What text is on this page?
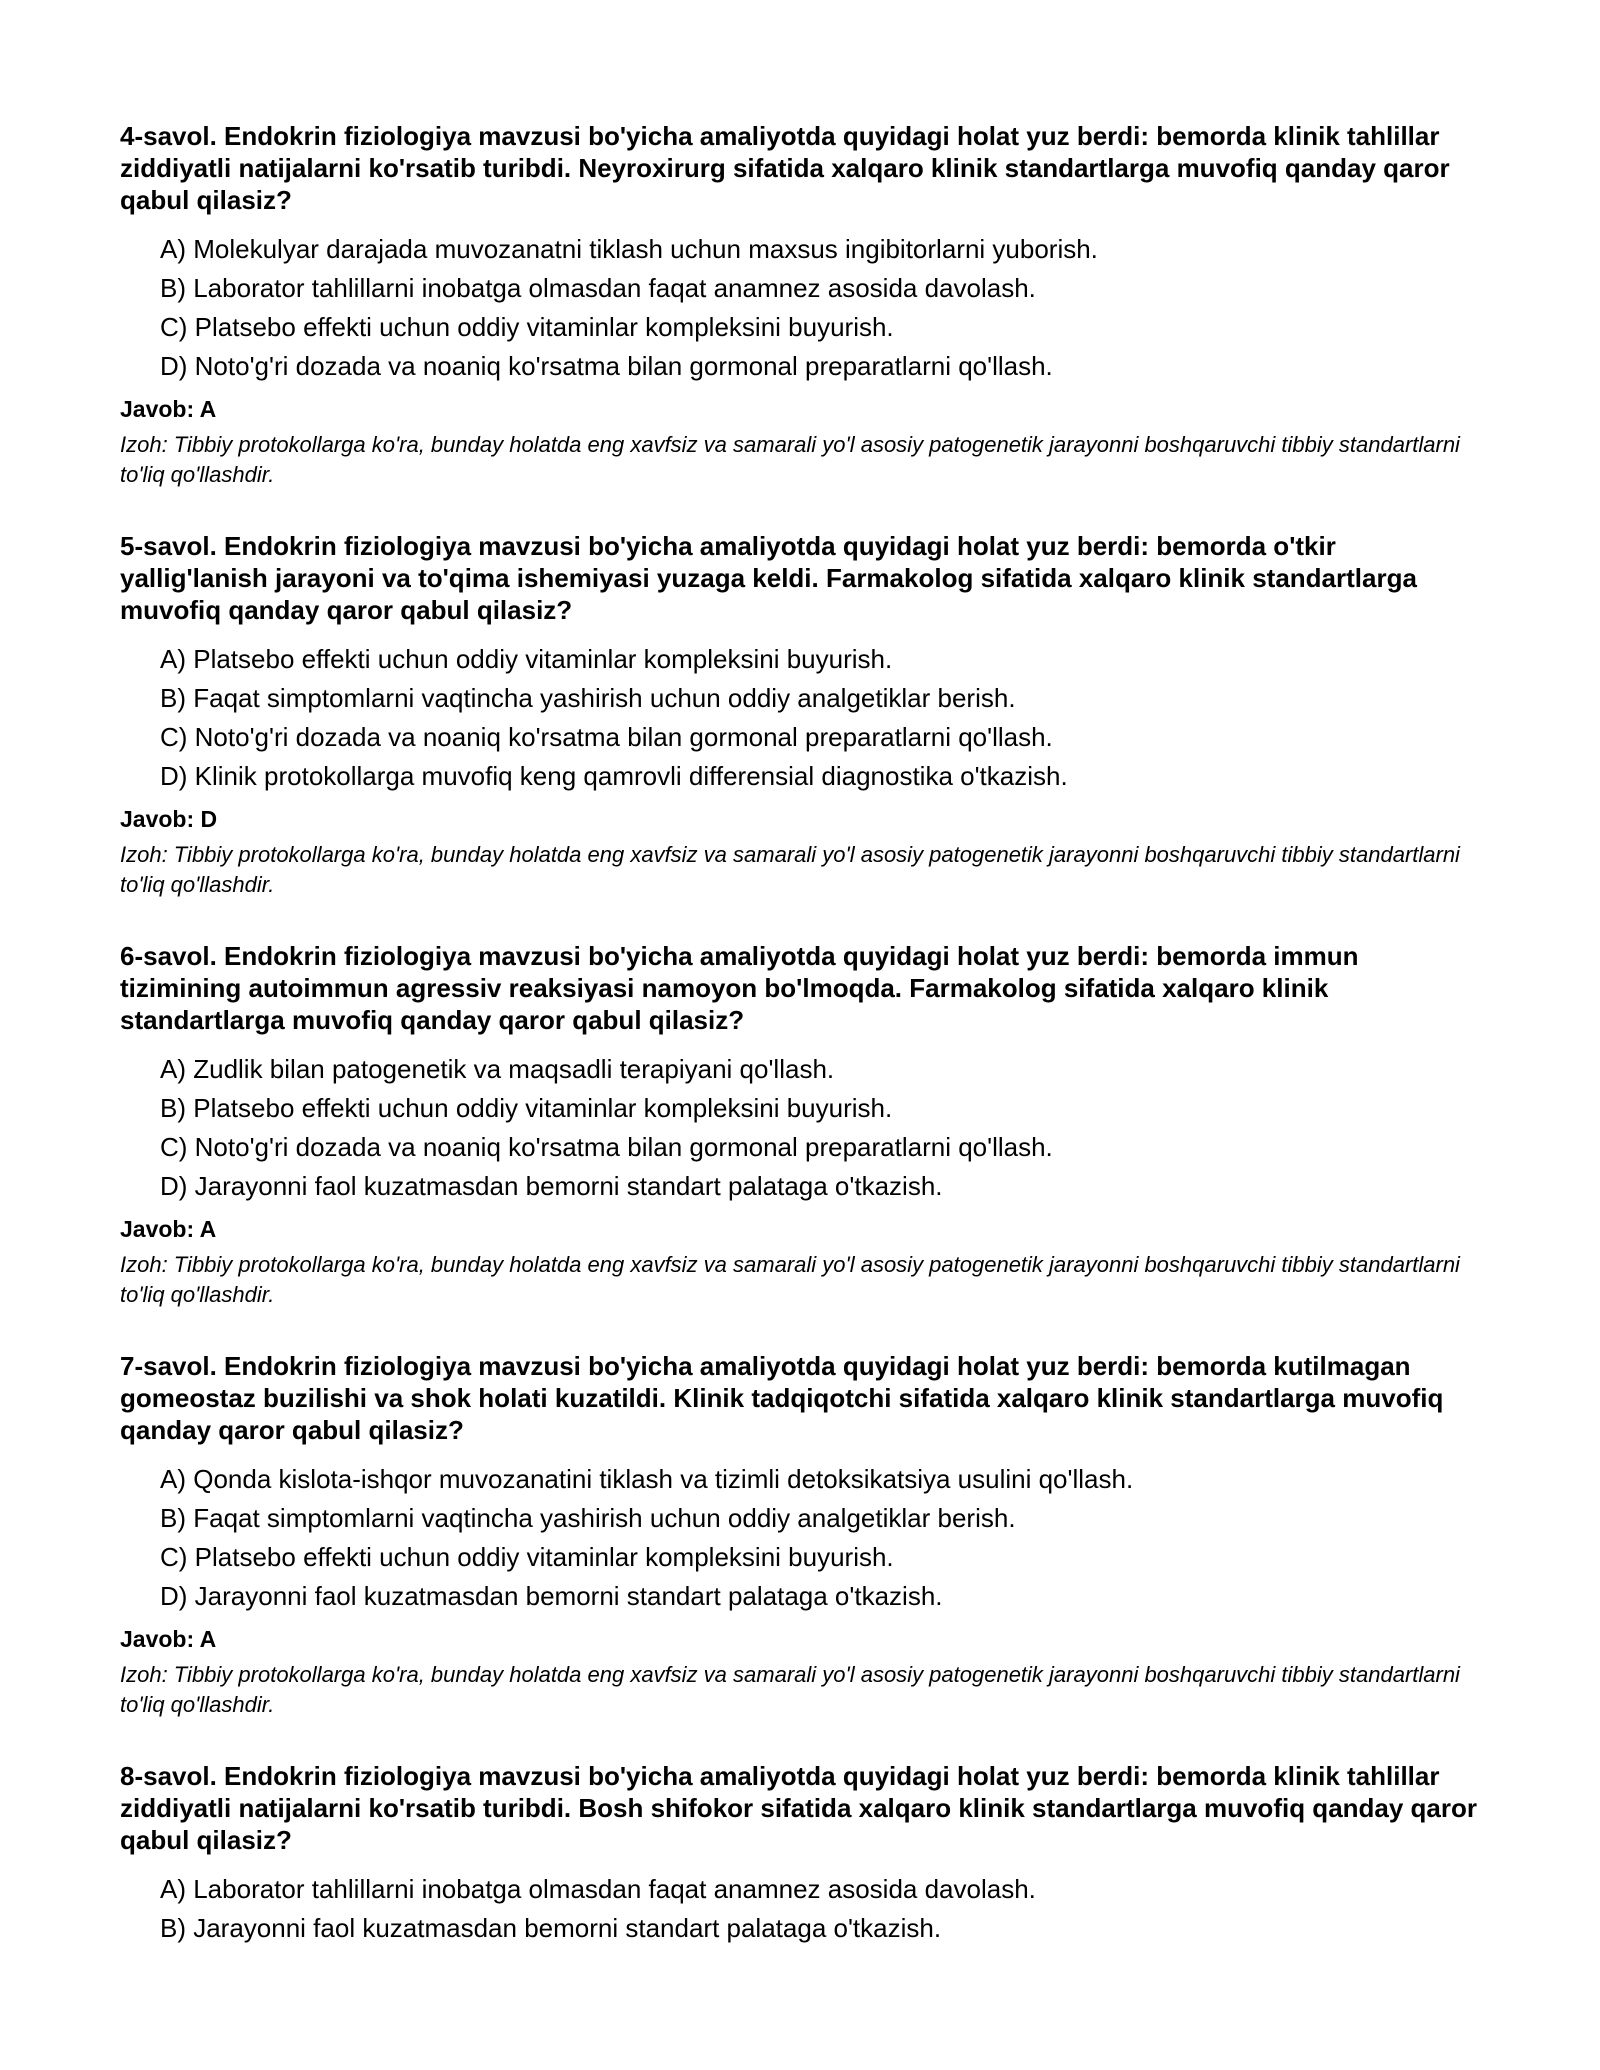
4-savol. Endokrin fiziologiya mavzusi bo'yicha amaliyotda quyidagi holat yuz berdi: bemorda klinik tahlillar ziddiyatli natijalarni ko'rsatib turibdi. Neyroxirurg sifatida xalqaro klinik standartlarga muvofiq qanday qaror qabul qilasiz?

A) Molekulyar darajada muvozanatni tiklash uchun maxsus ingibitorlarni yuborish.
B) Laborator tahlillarni inobatga olmasdan faqat anamnez asosida davolash.
C) Platsebo effekti uchun oddiy vitaminlar kompleksini buyurish.
D) Noto'g'ri dozada va noaniq ko'rsatma bilan gormonal preparatlarni qo'llash.

Javob: A

Izoh: Tibbiy protokollarga ko'ra, bunday holatda eng xavfsiz va samarali yo'l asosiy patogenetik jarayonni boshqaruvchi tibbiy standartlarni to'liq qo'llashdir.

5-savol. Endokrin fiziologiya mavzusi bo'yicha amaliyotda quyidagi holat yuz berdi: bemorda o'tkir yallig'lanish jarayoni va to'qima ishemiyasi yuzaga keldi. Farmakolog sifatida xalqaro klinik standartlarga muvofiq qanday qaror qabul qilasiz?

A) Platsebo effekti uchun oddiy vitaminlar kompleksini buyurish.
B) Faqat simptomlarni vaqtincha yashirish uchun oddiy analgetiklar berish.
C) Noto'g'ri dozada va noaniq ko'rsatma bilan gormonal preparatlarni qo'llash.
D) Klinik protokollarga muvofiq keng qamrovli differensial diagnostika o'tkazish.

Javob: D

Izoh: Tibbiy protokollarga ko'ra, bunday holatda eng xavfsiz va samarali yo'l asosiy patogenetik jarayonni boshqaruvchi tibbiy standartlarni to'liq qo'llashdir.

6-savol. Endokrin fiziologiya mavzusi bo'yicha amaliyotda quyidagi holat yuz berdi: bemorda immun tizimining autoimmun agressiv reaksiyasi namoyon bo'lmoqda. Farmakolog sifatida xalqaro klinik standartlarga muvofiq qanday qaror qabul qilasiz?

A) Zudlik bilan patogenetik va maqsadli terapiyani qo'llash.
B) Platsebo effekti uchun oddiy vitaminlar kompleksini buyurish.
C) Noto'g'ri dozada va noaniq ko'rsatma bilan gormonal preparatlarni qo'llash.
D) Jarayonni faol kuzatmasdan bemorni standart palataga o'tkazish.

Javob: A

Izoh: Tibbiy protokollarga ko'ra, bunday holatda eng xavfsiz va samarali yo'l asosiy patogenetik jarayonni boshqaruvchi tibbiy standartlarni to'liq qo'llashdir.

7-savol. Endokrin fiziologiya mavzusi bo'yicha amaliyotda quyidagi holat yuz berdi: bemorda kutilmagan gomeostaz buzilishi va shok holati kuzatildi. Klinik tadqiqotchi sifatida xalqaro klinik standartlarga muvofiq qanday qaror qabul qilasiz?

A) Qonda kislota-ishqor muvozanatini tiklash va tizimli detoksikatsiya usulini qo'llash.
B) Faqat simptomlarni vaqtincha yashirish uchun oddiy analgetiklar berish.
C) Platsebo effekti uchun oddiy vitaminlar kompleksini buyurish.
D) Jarayonni faol kuzatmasdan bemorni standart palataga o'tkazish.

Javob: A

Izoh: Tibbiy protokollarga ko'ra, bunday holatda eng xavfsiz va samarali yo'l asosiy patogenetik jarayonni boshqaruvchi tibbiy standartlarni to'liq qo'llashdir.

8-savol. Endokrin fiziologiya mavzusi bo'yicha amaliyotda quyidagi holat yuz berdi: bemorda klinik tahlillar ziddiyatli natijalarni ko'rsatib turibdi. Bosh shifokor sifatida xalqaro klinik standartlarga muvofiq qanday qaror qabul qilasiz?

A) Laborator tahlillarni inobatga olmasdan faqat anamnez asosida davolash.
B) Jarayonni faol kuzatmasdan bemorni standart palataga o'tkazish.
